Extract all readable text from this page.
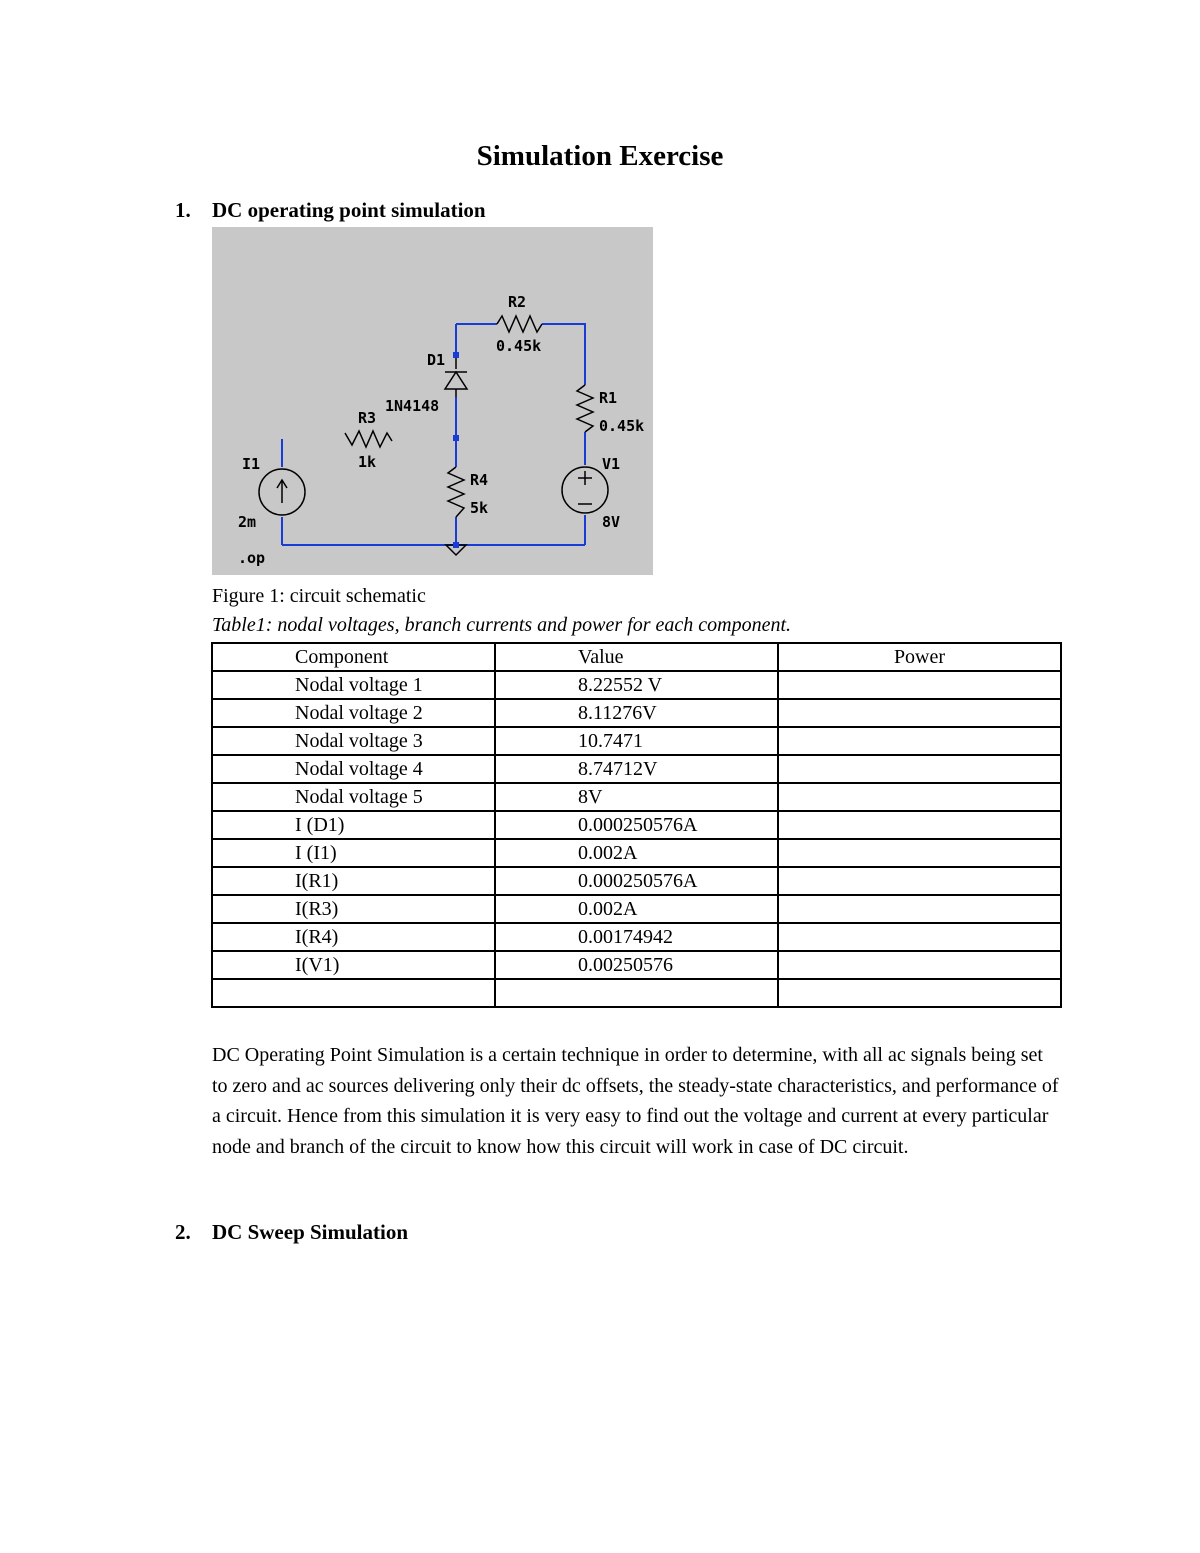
Simulation Exercise
1. DC operating point simulation
R2
0.45k
D1
1N4148
R3
1k
R1
0.45k
V1
8V
R4
5k
I1
2m
.op

Figure 1: circuit schematic

Table1: nodal voltages, branch currents and power for each component.

Component	Value	Power
Nodal voltage 1	8.22552 V	
Nodal voltage 2	8.11276V	
Nodal voltage 3	10.7471	
Nodal voltage 4	8.74712V	
Nodal voltage 5	8V	
I (D1)	0.000250576A	
I (I1)	0.002A	
I(R1)	0.000250576A	
I(R3)	0.002A	
I(R4)	0.00174942	
I(V1)	0.00250576	

DC Operating Point Simulation is a certain technique in order to determine, with all ac signals being set to zero and ac sources delivering only their dc offsets, the steady-state characteristics, and performance of a circuit. Hence from this simulation it is very easy to find out the voltage and current at every particular node and branch of the circuit to know how this circuit will work in case of DC circuit.

2. DC Sweep Simulation
